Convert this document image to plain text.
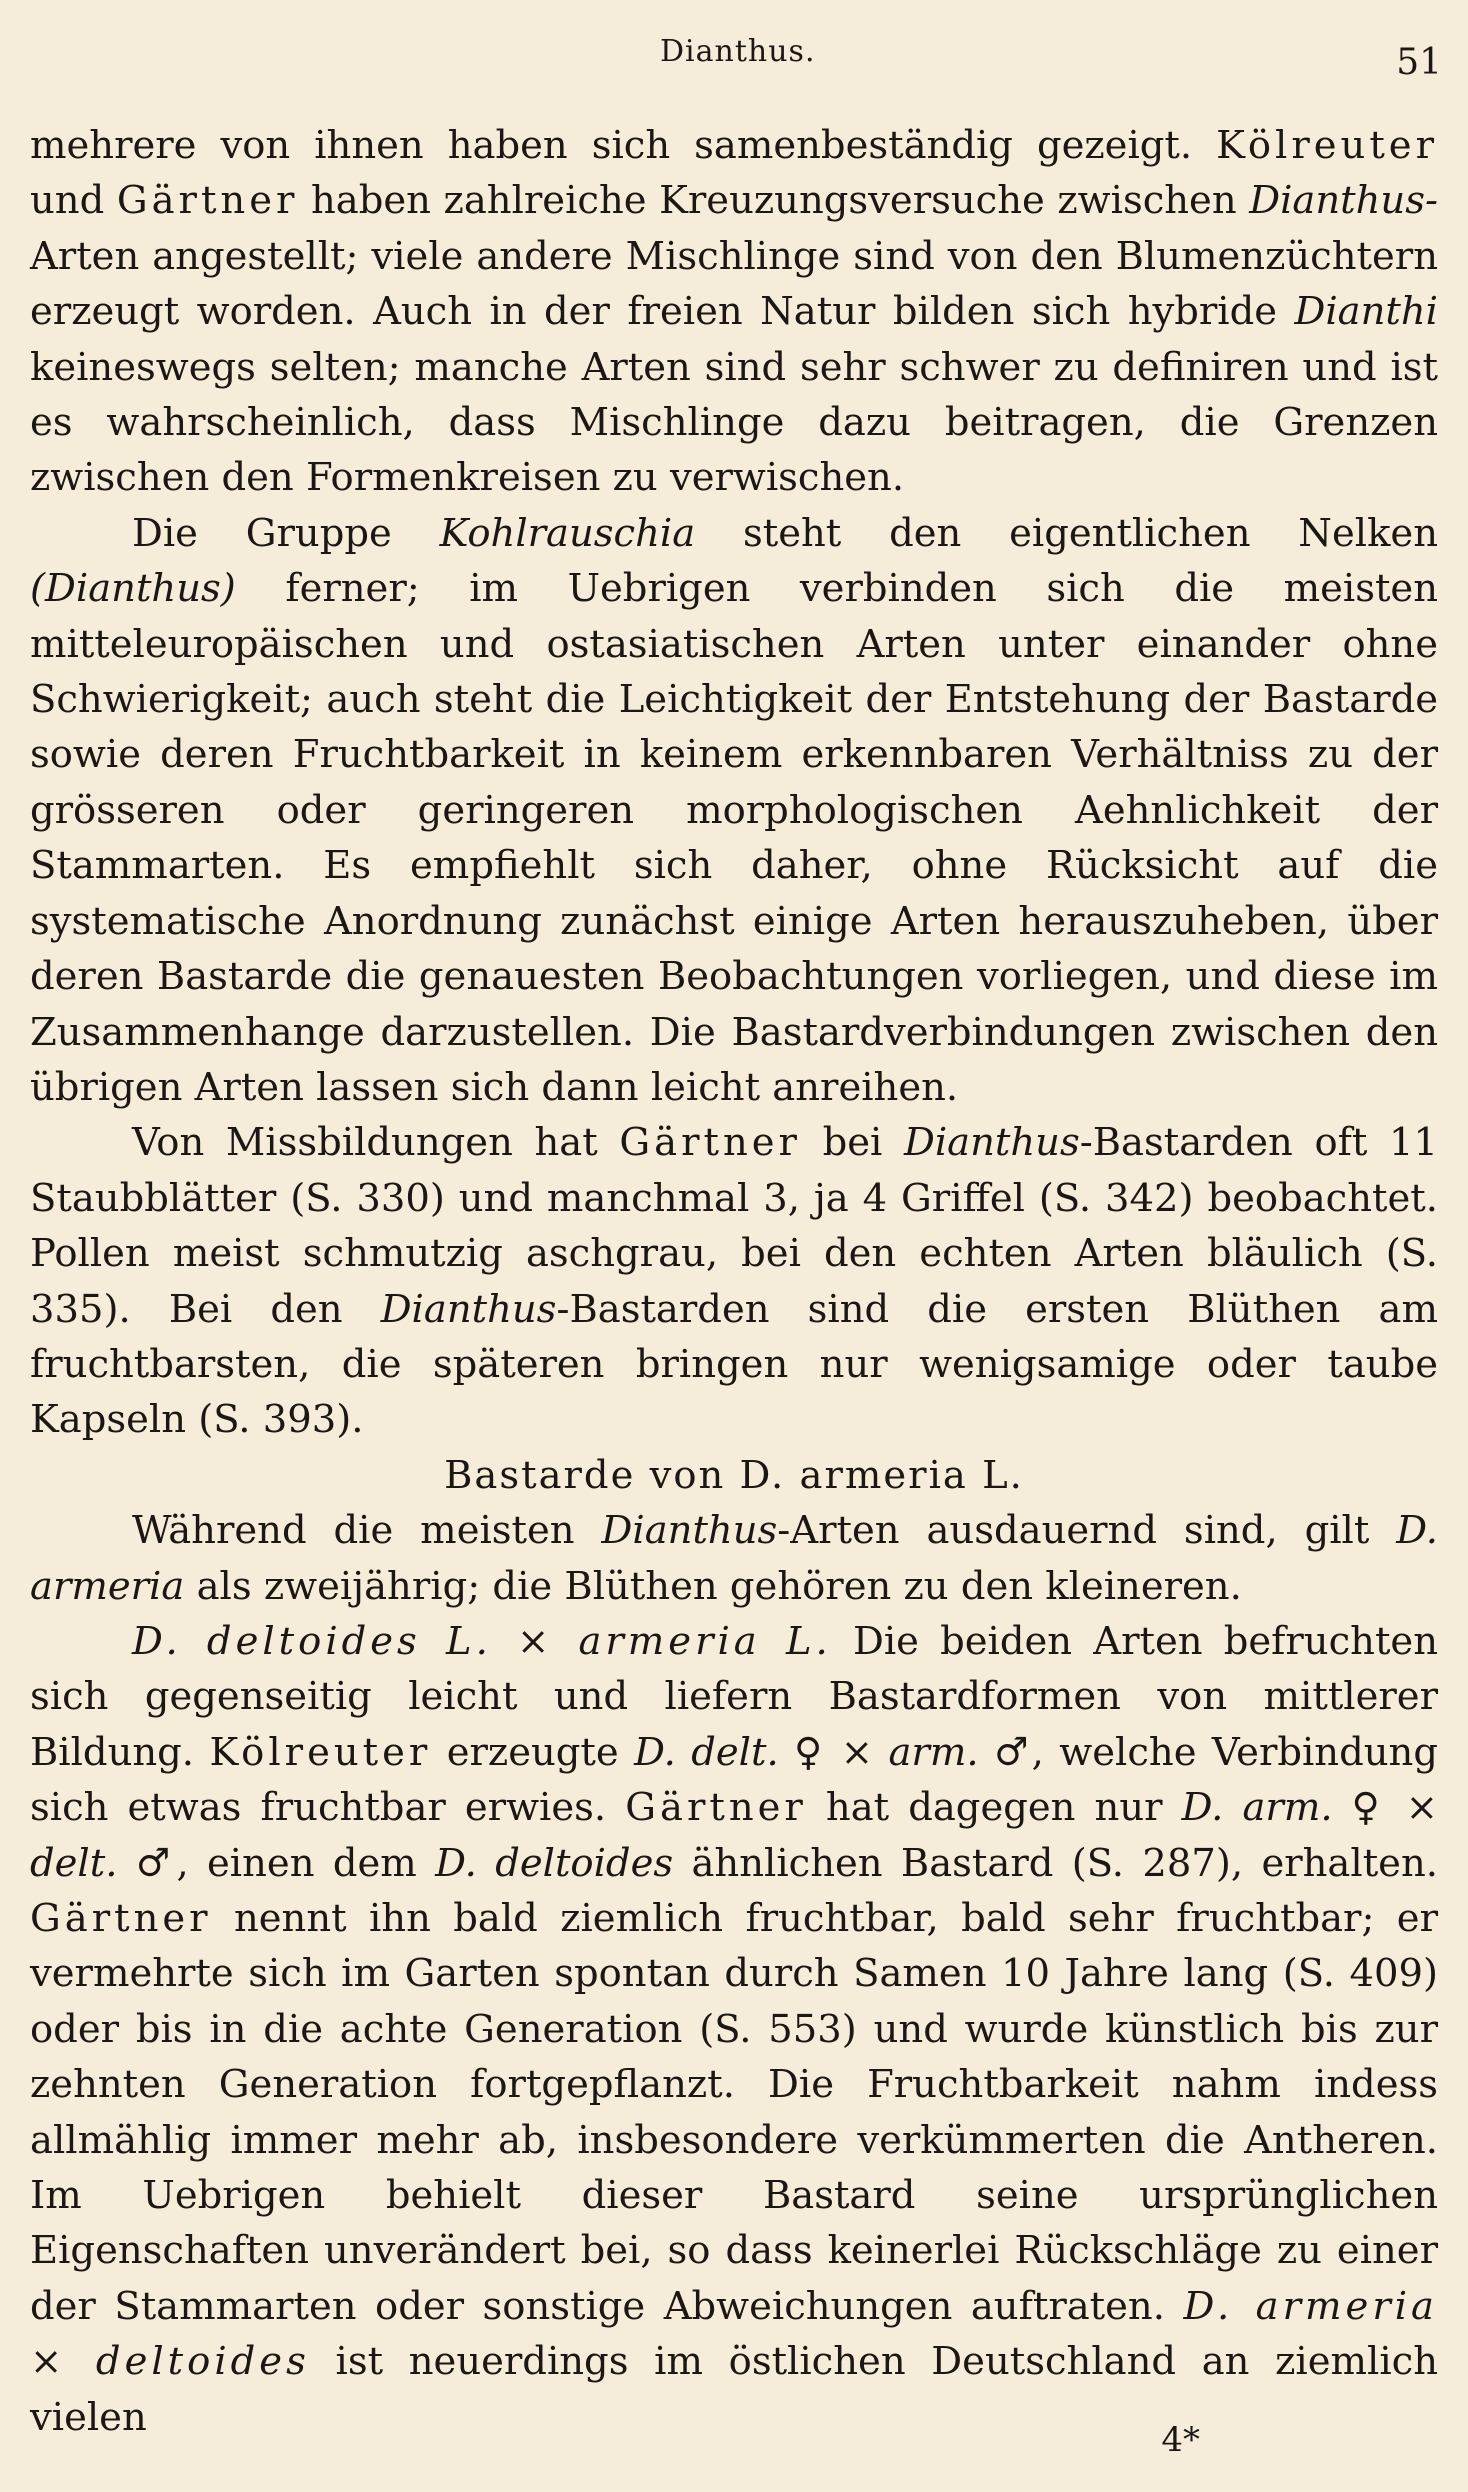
Dianthus.	51

mehrere von ihnen haben sich samenbeständig gezeigt. Kölreuter und Gärtner haben zahlreiche Kreuzungsversuche zwischen Dianthus-Arten angestellt; viele andere Mischlinge sind von den Blumenzüchtern erzeugt worden. Auch in der freien Natur bilden sich hybride Dianthi keineswegs selten; manche Arten sind sehr schwer zu definiren und ist es wahrscheinlich, dass Mischlinge dazu beitragen, die Grenzen zwischen den Formenkreisen zu verwischen.

Die Gruppe Kohlrauschia steht den eigentlichen Nelken (Dianthus) ferner; im Uebrigen verbinden sich die meisten mitteleuropäischen und ostasiatischen Arten unter einander ohne Schwierigkeit; auch steht die Leichtigkeit der Entstehung der Bastarde sowie deren Fruchtbarkeit in keinem erkennbaren Verhältniss zu der grösseren oder geringeren morphologischen Aehnlichkeit der Stammarten. Es empfiehlt sich daher, ohne Rücksicht auf die systematische Anordnung zunächst einige Arten herauszuheben, über deren Bastarde die genauesten Beobachtungen vorliegen, und diese im Zusammenhange darzustellen. Die Bastardverbindungen zwischen den übrigen Arten lassen sich dann leicht anreihen.

Von Missbildungen hat Gärtner bei Dianthus-Bastarden oft 11 Staubblätter (S. 330) und manchmal 3, ja 4 Griffel (S. 342) beobachtet. Pollen meist schmutzig aschgrau, bei den echten Arten bläulich (S. 335). Bei den Dianthus-Bastarden sind die ersten Blüthen am fruchtbarsten, die späteren bringen nur wenigsamige oder taube Kapseln (S. 393).

Bastarde von D. armeria L.

Während die meisten Dianthus-Arten ausdauernd sind, gilt D. armeria als zweijährig; die Blüthen gehören zu den kleineren.

D. deltoides L. × armeria L. Die beiden Arten befruchten sich gegenseitig leicht und liefern Bastardformen von mittlerer Bildung. Kölreuter erzeugte D. delt. ♀ × arm. ♂, welche Verbindung sich etwas fruchtbar erwies. Gärtner hat dagegen nur D. arm. ♀ × delt. ♂, einen dem D. deltoides ähnlichen Bastard (S. 287), erhalten. Gärtner nennt ihn bald ziemlich fruchtbar, bald sehr fruchtbar; er vermehrte sich im Garten spontan durch Samen 10 Jahre lang (S. 409) oder bis in die achte Generation (S. 553) und wurde künstlich bis zur zehnten Generation fortgepflanzt. Die Fruchtbarkeit nahm indess allmählig immer mehr ab, insbesondere verkümmerten die Antheren. Im Uebrigen behielt dieser Bastard seine ursprünglichen Eigenschaften unverändert bei, so dass keinerlei Rückschläge zu einer der Stammarten oder sonstige Abweichungen auftraten. D. armeria × deltoides ist neuerdings im östlichen Deutschland an ziemlich vielen

4*
